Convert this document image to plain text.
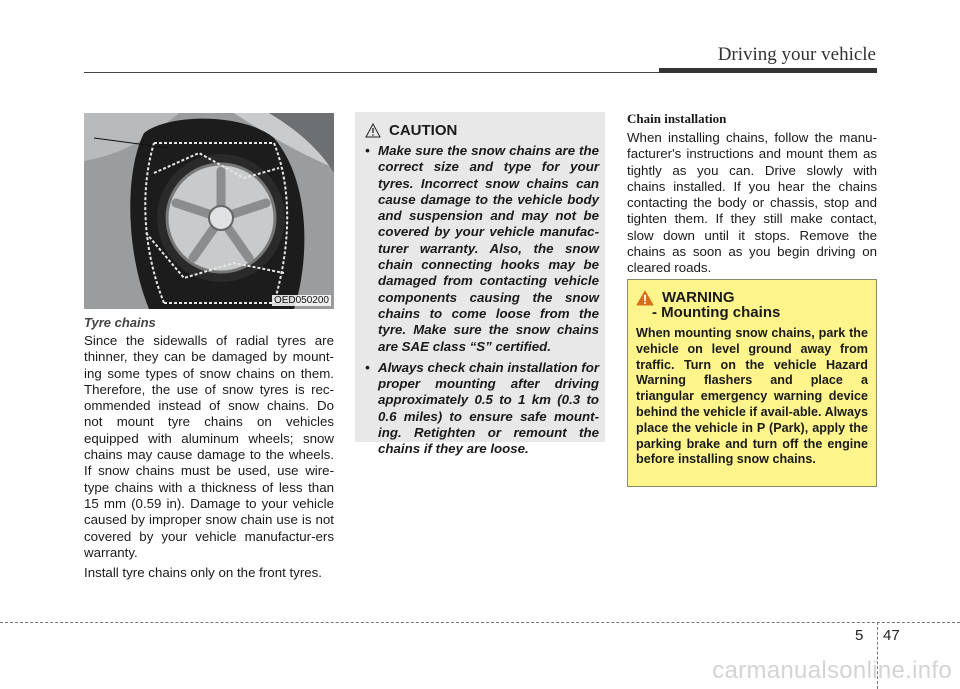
Driving your vehicle
OED050200

Tyre chains

Since the sidewalls of radial tyres are thinner, they can be damaged by mount-ing some types of snow chains on them. Therefore, the use of snow tyres is rec-ommended instead of snow chains. Do not mount tyre chains on vehicles equipped with aluminum wheels; snow chains may cause damage to the wheels. If snow chains must be used, use wire-type chains with a thickness of less than 15 mm (0.59 in). Damage to your vehicle caused by improper snow chain use is not covered by your vehicle manufactur-ers warranty.

Install tyre chains only on the front tyres.

CAUTION
• Make sure the snow chains are the correct size and type for your tyres. Incorrect snow chains can cause damage to the vehicle body and suspension and may not be covered by your vehicle manufac-turer warranty. Also, the snow chain connecting hooks may be damaged from contacting vehicle components causing the snow chains to come loose from the tyre. Make sure the snow chains are SAE class “S” certified.
• Always check chain installation for proper mounting after driving approximately 0.5 to 1 km (0.3 to 0.6 miles) to ensure safe mount-ing. Retighten or remount the chains if they are loose.

Chain installation

When installing chains, follow the manu-facturer's instructions and mount them as tightly as you can. Drive slowly with chains installed. If you hear the chains contacting the body or chassis, stop and tighten them. If they still make contact, slow down until it stops. Remove the chains as soon as you begin driving on cleared roads.

WARNING
- Mounting chains

When mounting snow chains, park the vehicle on level ground away from traffic. Turn on the vehicle Hazard Warning flashers and place a triangular emergency warning device behind the vehicle if avail-able. Always place the vehicle in P (Park), apply the parking brake and turn off the engine before installing snow chains.

5 47
carmanualsonline.info
